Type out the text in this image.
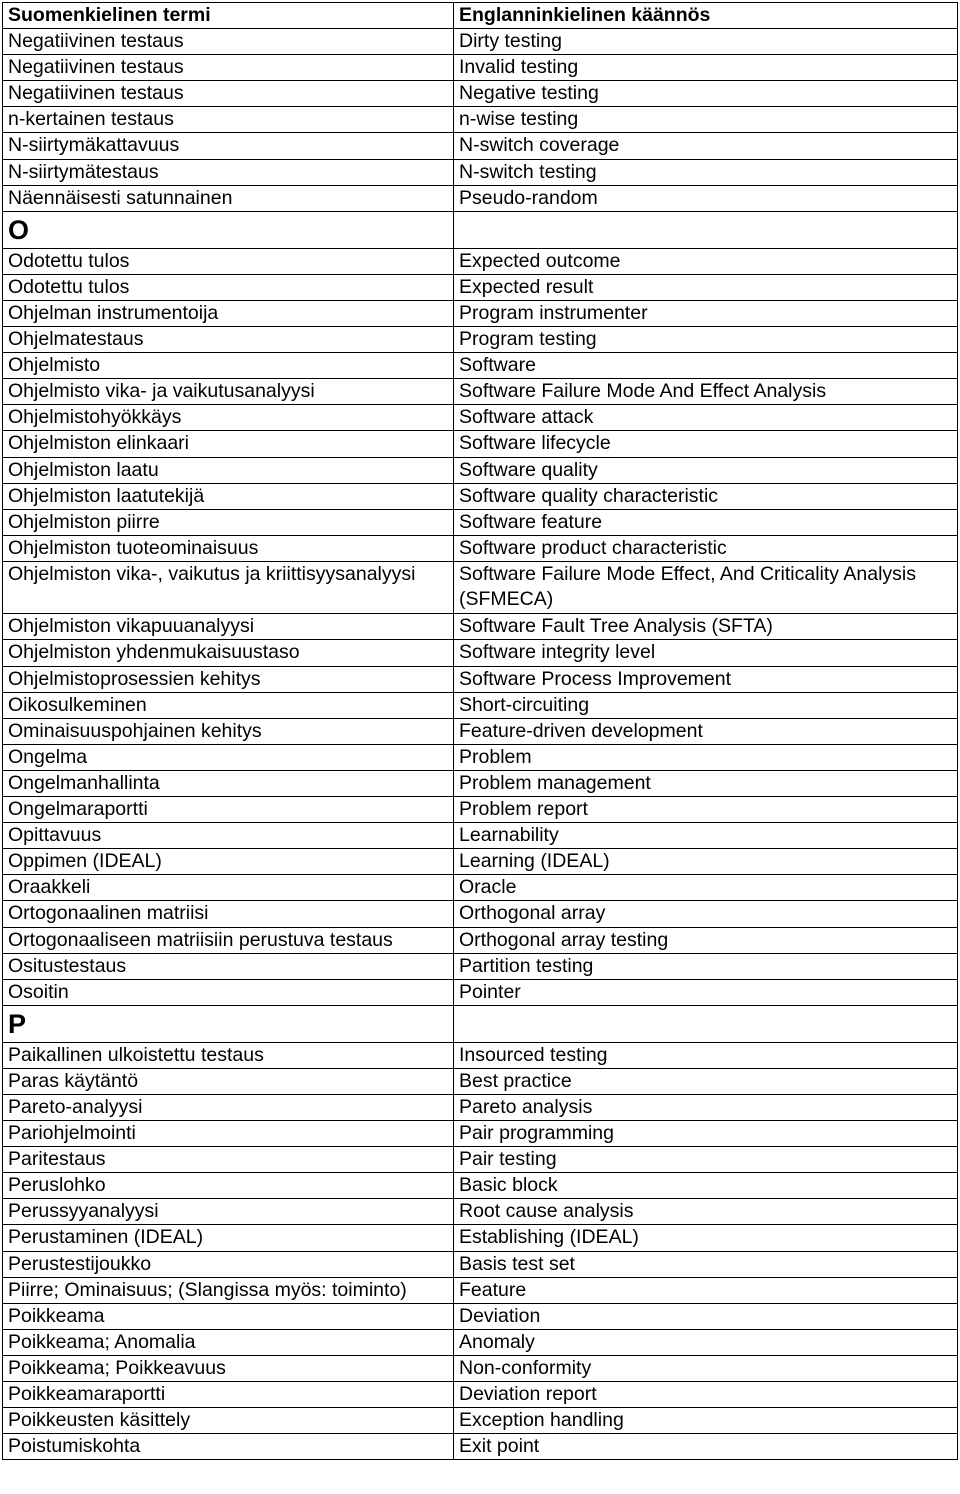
Suomenkielinen termi	Englanninkielinen käännös
Negatiivinen testaus	Dirty testing
Negatiivinen testaus	Invalid testing
Negatiivinen testaus	Negative testing
n-kertainen testaus	n-wise testing
N-siirtymäkattavuus	N-switch coverage
N-siirtymätestaus	N-switch testing
Näennäisesti satunnainen	Pseudo-random
O	
Odotettu tulos	Expected outcome
Odotettu tulos	Expected result
Ohjelman instrumentoija	Program instrumenter
Ohjelmatestaus	Program testing
Ohjelmisto	Software
Ohjelmisto vika- ja vaikutusanalyysi	Software Failure Mode And Effect Analysis
Ohjelmistohyökkäys	Software attack
Ohjelmiston elinkaari	Software lifecycle
Ohjelmiston laatu	Software quality
Ohjelmiston laatutekijä	Software quality characteristic
Ohjelmiston piirre	Software feature
Ohjelmiston tuoteominaisuus	Software product characteristic
Ohjelmiston vika-, vaikutus ja kriittisyysanalyysi	Software Failure Mode Effect, And Criticality Analysis (SFMECA)
Ohjelmiston vikapuuanalyysi	Software Fault Tree Analysis (SFTA)
Ohjelmiston yhdenmukaisuustaso	Software integrity level
Ohjelmistoprosessien kehitys	Software Process Improvement
Oikosulkeminen	Short-circuiting
Ominaisuuspohjainen kehitys	Feature-driven development
Ongelma	Problem
Ongelmanhallinta	Problem management
Ongelmaraportti	Problem report
Opittavuus	Learnability
Oppimen (IDEAL)	Learning (IDEAL)
Oraakkeli	Oracle
Ortogonaalinen matriisi	Orthogonal array
Ortogonaaliseen matriisiin perustuva testaus	Orthogonal array testing
Ositustestaus	Partition testing
Osoitin	Pointer
P	
Paikallinen ulkoistettu testaus	Insourced testing
Paras käytäntö	Best practice
Pareto-analyysi	Pareto analysis
Pariohjelmointi	Pair programming
Paritestaus	Pair testing
Peruslohko	Basic block
Perussyyanalyysi	Root cause analysis
Perustaminen (IDEAL)	Establishing (IDEAL)
Perustestijoukko	Basis test set
Piirre; Ominaisuus; (Slangissa myös: toiminto)	Feature
Poikkeama	Deviation
Poikkeama; Anomalia	Anomaly
Poikkeama; Poikkeavuus	Non-conformity
Poikkeamaraportti	Deviation report
Poikkeusten käsittely	Exception handling
Poistumiskohta	Exit point
